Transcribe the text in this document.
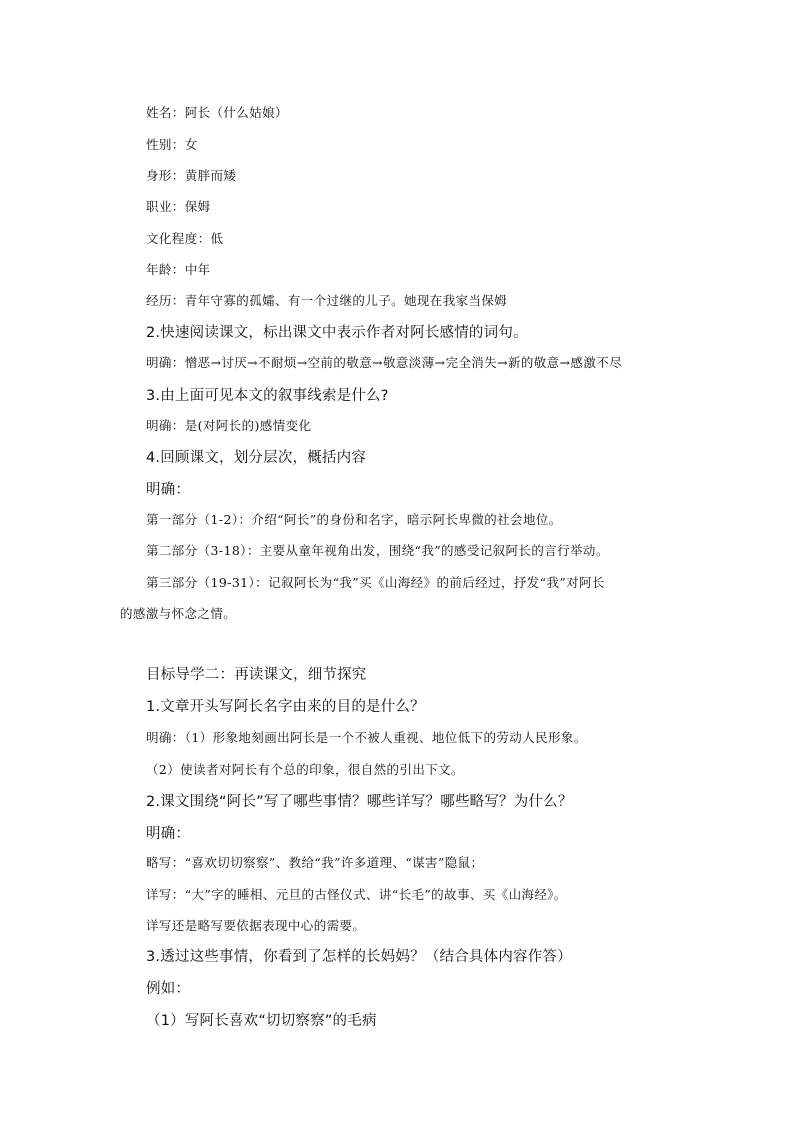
姓名：阿长（什么姑娘）
性别：女
身形：黄胖而矮
职业：保姆
文化程度：低
年龄：中年
经历：青年守寡的孤孀、有一个过继的儿子。她现在我家当保姆
2.快速阅读课文，标出课文中表示作者对阿长感情的词句。
明确：憎恶→讨厌→不耐烦→空前的敬意→敬意淡薄→完全消失→新的敬意→感激不尽
3.由上面可见本文的叙事线索是什么?
明确：是(对阿长的)感情变化
4.回顾课文，划分层次，概括内容
明确：
第一部分（1-2）：介绍“阿长”的身份和名字，暗示阿长卑微的社会地位。
第二部分（3-18）：主要从童年视角出发，围绕“我”的感受记叙阿长的言行举动。
第三部分（19-31）：记叙阿长为“我”买《山海经》的前后经过，抒发“我”对阿长
的感激与怀念之情。
目标导学二：再读课文，细节探究
1.文章开头写阿长名字由来的目的是什么？
明确：（1）形象地刻画出阿长是一个不被人重视、地位低下的劳动人民形象。
（2）使读者对阿长有个总的印象，很自然的引出下文。
2.课文围绕“阿长”写了哪些事情？哪些详写？哪些略写？为什么？
明确：
略写：“喜欢切切察察”、教给“我”许多道理、“谋害”隐鼠；
详写：“大”字的睡相、元旦的古怪仪式、讲“长毛”的故事、买《山海经》。
详写还是略写要依据表现中心的需要。
3.透过这些事情，你看到了怎样的长妈妈？（结合具体内容作答）
例如：
（1）写阿长喜欢“切切察察”的毛病
